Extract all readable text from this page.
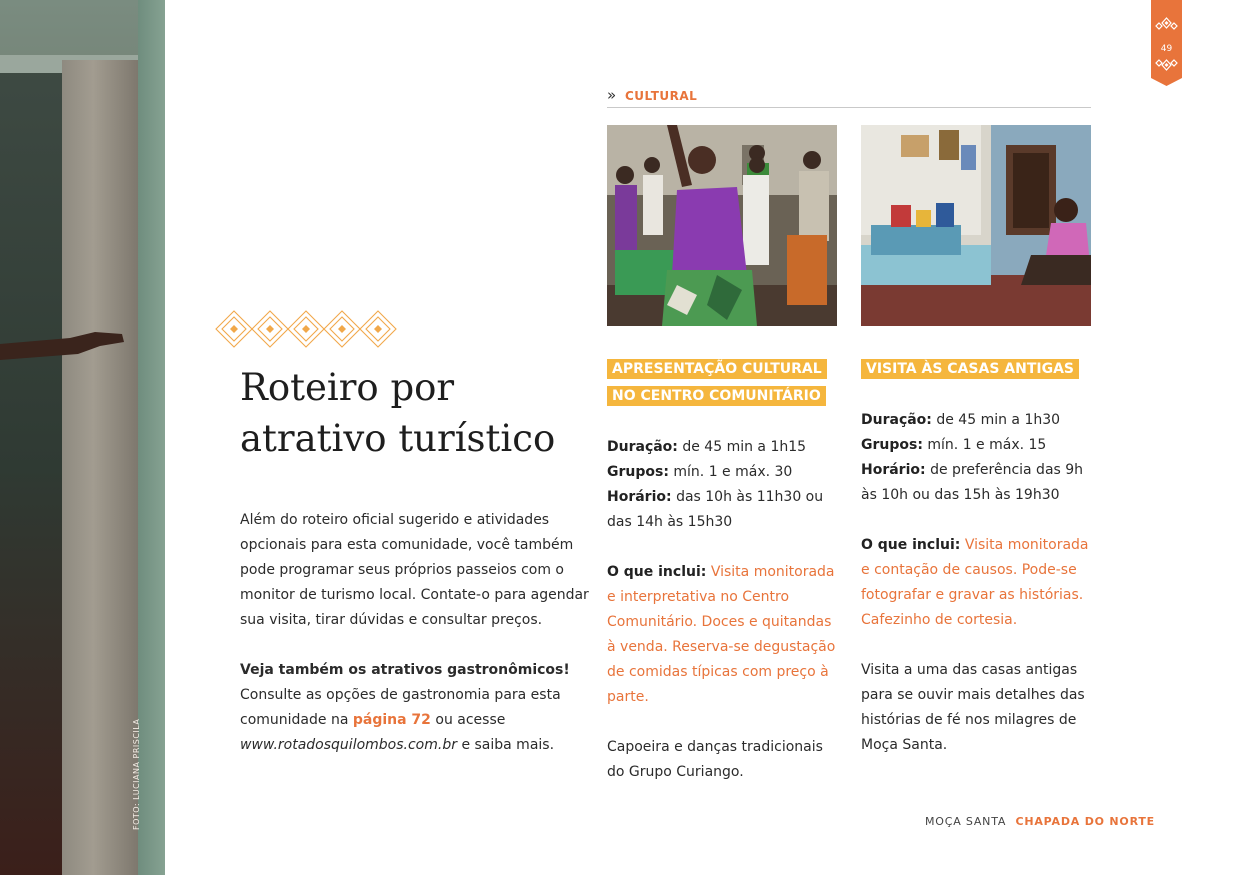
FOTO: LUCIANA PRISCILA
49
Roteiro por atrativo turístico

Além do roteiro oficial sugerido e atividades opcionais para esta comunidade, você também pode programar seus próprios passeios com o monitor de turismo local. Contate-o para agendar sua visita, tirar dúvidas e consultar preços.

Veja também os atrativos gastronômicos!
Consulte as opções de gastronomia para esta comunidade na página 72 ou acesse www.rotadosquilombos.com.br e saiba mais.

» CULTURAL
APRESENTAÇÃO CULTURAL NO CENTRO COMUNITÁRIO

Duração: de 45 min a 1h15
Grupos: mín. 1 e máx. 30
Horário: das 10h às 11h30 ou das 14h às 15h30

O que inclui: Visita monitorada e interpretativa no Centro Comunitário. Doces e quitandas à venda. Reserva-se degustação de comidas típicas com preço à parte.

Capoeira e danças tradicionais do Grupo Curiango.

VISITA ÀS CASAS ANTIGAS

Duração: de 45 min a 1h30
Grupos: mín. 1 e máx. 15
Horário: de preferência das 9h às 10h ou das 15h às 19h30

O que inclui: Visita monitorada e contação de causos. Pode-se fotografar e gravar as histórias. Cafezinho de cortesia.

Visita a uma das casas antigas para se ouvir mais detalhes das histórias de fé nos milagres de Moça Santa.

MOÇA SANTA CHAPADA DO NORTE
